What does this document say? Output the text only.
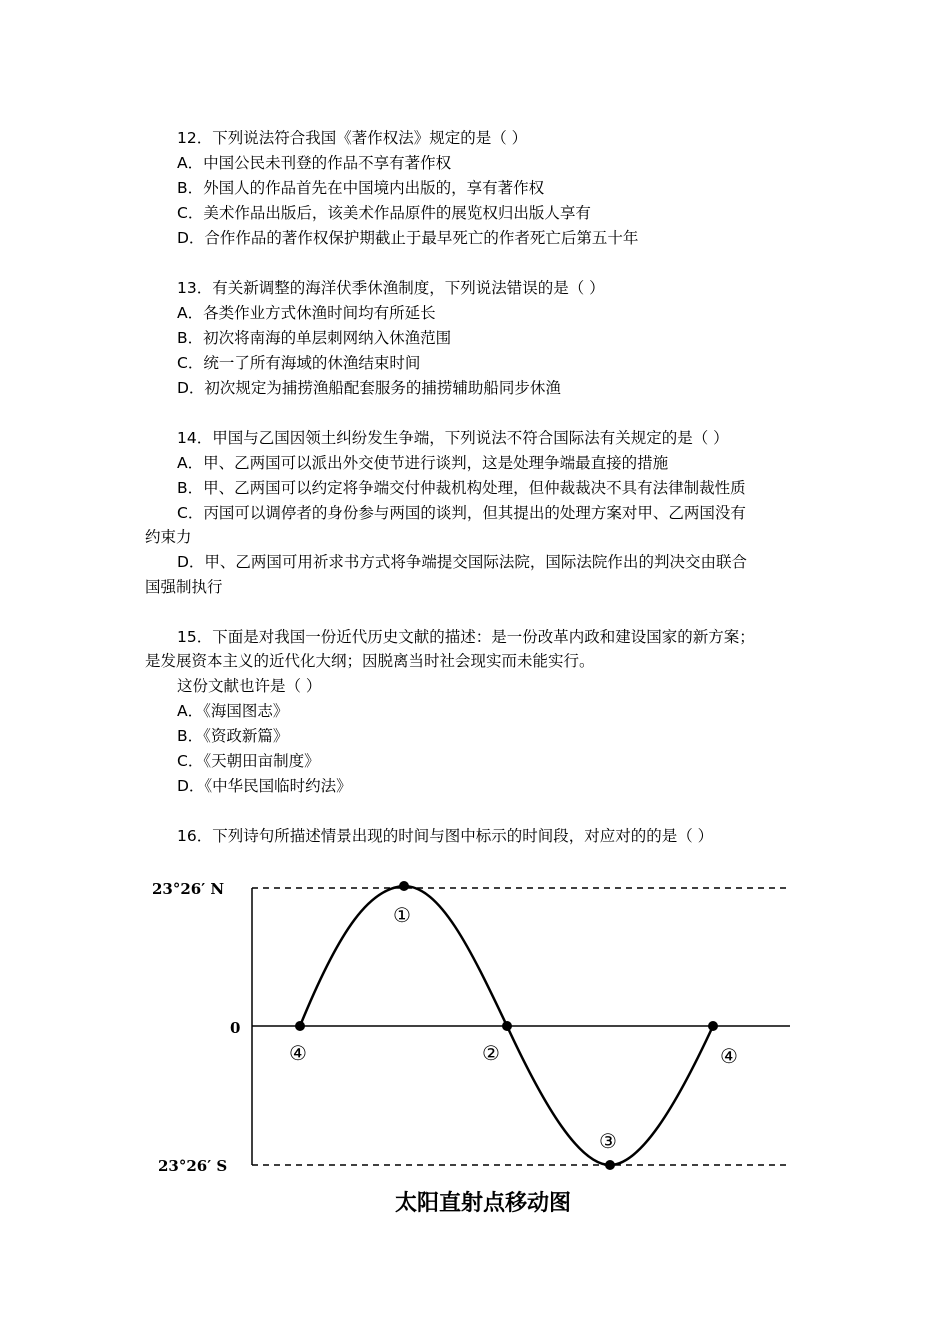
12．下列说法符合我国《著作权法》规定的是（ ）
A．中国公民未刊登的作品不享有著作权
B．外国人的作品首先在中国境内出版的，享有著作权
C．美术作品出版后，该美术作品原件的展览权归出版人享有
D．合作作品的著作权保护期截止于最早死亡的作者死亡后第五十年
13．有关新调整的海洋伏季休渔制度，下列说法错误的是（ ）
A．各类作业方式休渔时间均有所延长
B．初次将南海的单层刺网纳入休渔范围
C．统一了所有海域的休渔结束时间
D．初次规定为捕捞渔船配套服务的捕捞辅助船同步休渔
14．甲国与乙国因领土纠纷发生争端，下列说法不符合国际法有关规定的是（ ）
A．甲、乙两国可以派出外交使节进行谈判，这是处理争端最直接的措施
B．甲、乙两国可以约定将争端交付仲裁机构处理，但仲裁裁决不具有法律制裁性质
C．丙国可以调停者的身份参与两国的谈判，但其提出的处理方案对甲、乙两国没有
约束力
D．甲、乙两国可用祈求书方式将争端提交国际法院，国际法院作出的判决交由联合
国强制执行
15．下面是对我国一份近代历史文献的描述：是一份改革内政和建设国家的新方案；
是发展资本主义的近代化大纲；因脱离当时社会现实而未能实行。
这份文献也许是（ ）
A．《海国图志》
B．《资政新篇》
C．《天朝田亩制度》
D．《中华民国临时约法》
16．下列诗句所描述情景出现的时间与图中标示的时间段，对应对的的是（ ）
23°26′ N
0
23°26′ S
①
②
③
④	④
太阳直射点移动图
